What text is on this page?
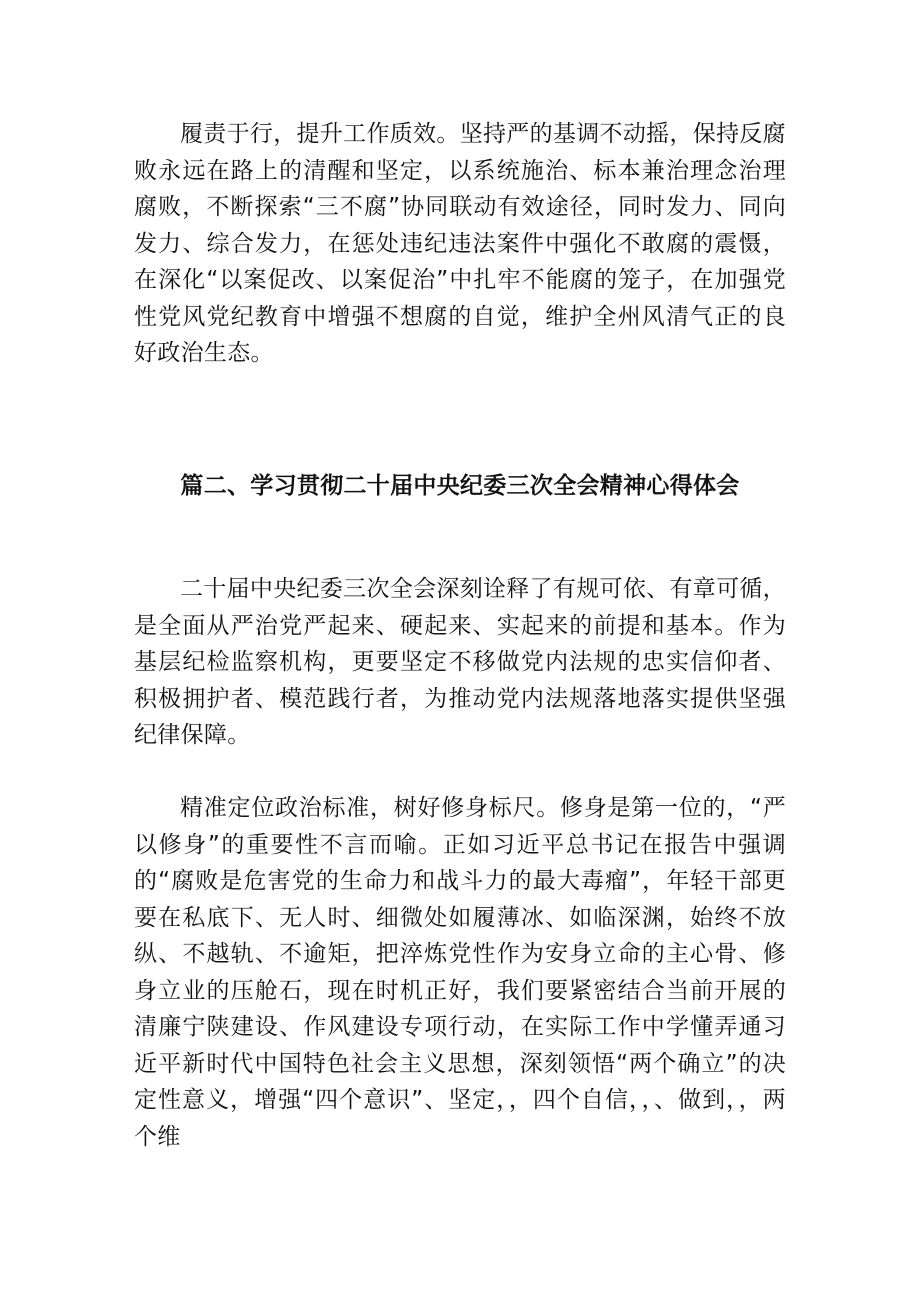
履责于行，提升工作质效。坚持严的基调不动摇，保持反腐败永远在路上的清醒和坚定，以系统施治、标本兼治理念治理腐败，不断探索“三不腐”协同联动有效途径，同时发力、同向发力、综合发力，在惩处违纪违法案件中强化不敢腐的震慑，在深化“以案促改、以案促治”中扎牢不能腐的笼子，在加强党性党风党纪教育中增强不想腐的自觉，维护全州风清气正的良好政治生态。

篇二、学习贯彻二十届中央纪委三次全会精神心得体会

二十届中央纪委三次全会深刻诠释了有规可依、有章可循，是全面从严治党严起来、硬起来、实起来的前提和基本。作为基层纪检监察机构，更要坚定不移做党内法规的忠实信仰者、积极拥护者、模范践行者，为推动党内法规落地落实提供坚强纪律保障。

精准定位政治标准，树好修身标尺。修身是第一位的，“严以修身”的重要性不言而喻。正如习近平总书记在报告中强调的“腐败是危害党的生命力和战斗力的最大毒瘤”，年轻干部更要在私底下、无人时、细微处如履薄冰、如临深渊，始终不放纵、不越轨、不逾矩，把淬炼党性作为安身立命的主心骨、修身立业的压舱石，现在时机正好，我们要紧密结合当前开展的清廉宁陕建设、作风建设专项行动，在实际工作中学懂弄通习近平新时代中国特色社会主义思想，深刻领悟“两个确立”的决定性意义，增强“四个意识”、坚定，，四个自信，，、做到，，两个维
